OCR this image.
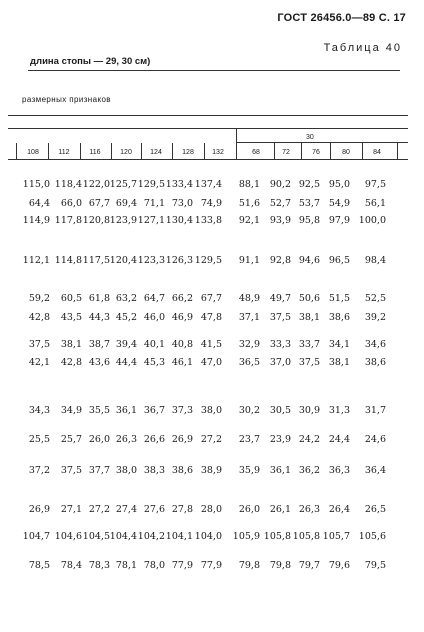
ГОСТ 26456.0—89 С. 17
Таблица 40
длина стопы — 29, 30 см)
размерных признаков
30
108	112	116	120	124	128	132	68	72	76	80	84
115,0 118,4 122,0 125,7 129,5 133,4 137,4 88,1 90,2 92,5 95,0 97,5
64,4 66,0 67,7 69,4 71,1 73,0 74,9 51,6 52,7 53,7 54,9 56,1
114,9 117,8 120,8 123,9 127,1 130,4 133,8 92,1 93,9 95,8 97,9 100,0
112,1 114,8 117,5 120,4 123,3 126,3 129,5 91,1 92,8 94,6 96,5 98,4
59,2 60,5 61,8 63,2 64,7 66,2 67,7 48,9 49,7 50,6 51,5 52,5
42,8 43,5 44,3 45,2 46,0 46,9 47,8 37,1 37,5 38,1 38,6 39,2
37,5 38,1 38,7 39,4 40,1 40,8 41,5 32,9 33,3 33,7 34,1 34,6
42,1 42,8 43,6 44,4 45,3 46,1 47,0 36,5 37,0 37,5 38,1 38,6
34,3 34,9 35,5 36,1 36,7 37,3 38,0 30,2 30,5 30,9 31,3 31,7
25,5 25,7 26,0 26,3 26,6 26,9 27,2 23,7 23,9 24,2 24,4 24,6
37,2 37,5 37,7 38,0 38,3 38,6 38,9 35,9 36,1 36,2 36,3 36,4
26,9 27,1 27,2 27,4 27,6 27,8 28,0 26,0 26,1 26,3 26,4 26,5
104,7 104,6 104,5 104,4 104,2 104,1 104,0 105,9 105,8 105,8 105,7 105,6
78,5 78,4 78,3 78,1 78,0 77,9 77,9 79,8 79,8 79,7 79,6 79,5
